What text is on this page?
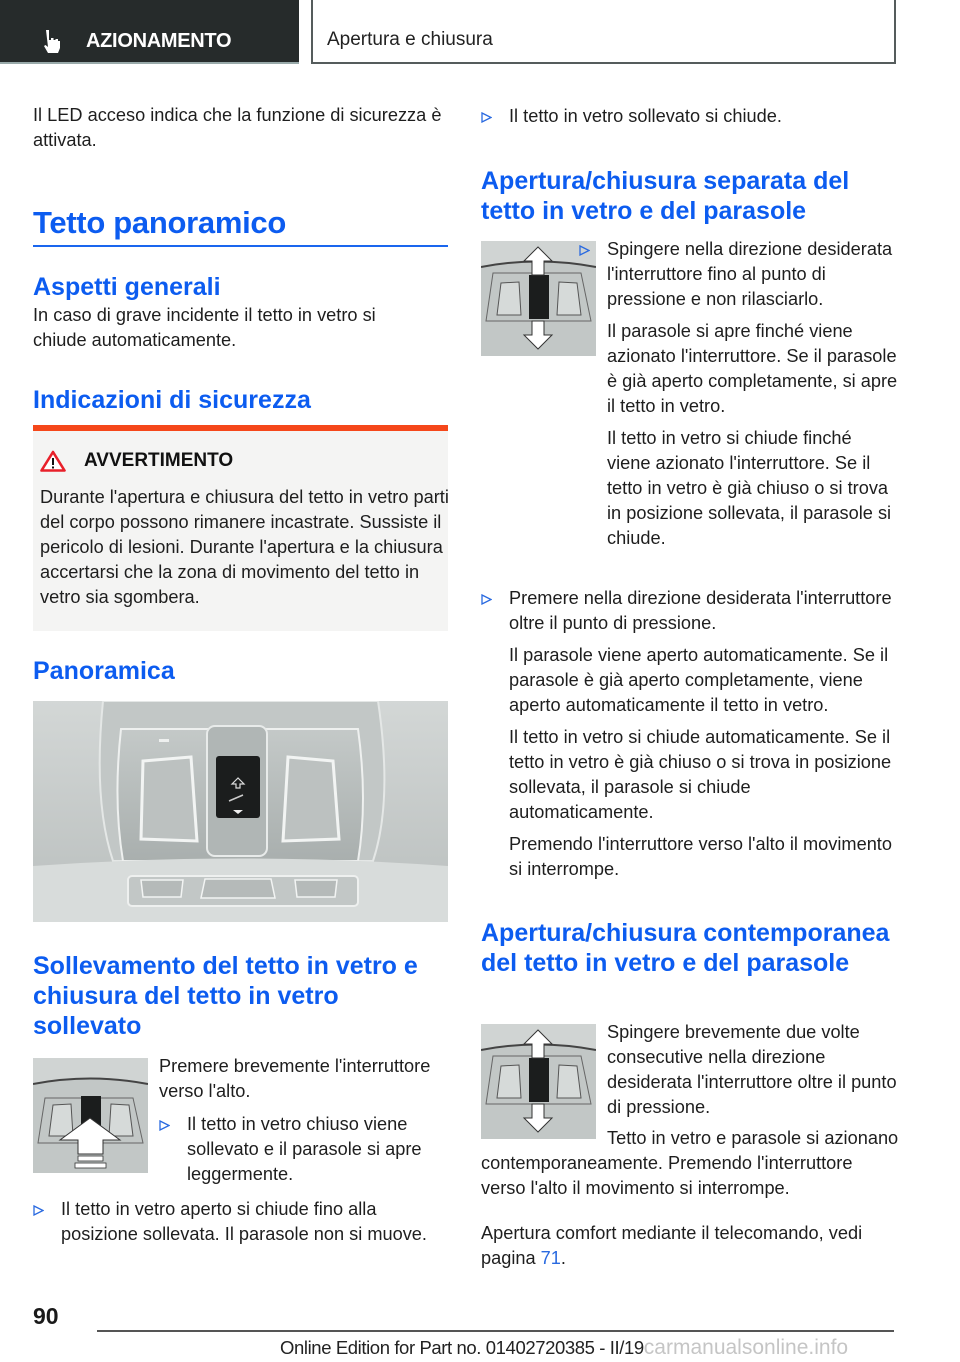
AZIONAMENTO	Apertura e chiusura

Il LED acceso indica che la funzione di sicurezza è attivata.

Tetto panoramico
Aspetti generali

In caso di grave incidente il tetto in vetro si chiude automaticamente.

Indicazioni di sicurezza
AVVERTIMENTO

Durante l'apertura e chiusura del tetto in vetro parti del corpo possono rimanere incastrate. Sussiste il pericolo di lesioni. Durante l'apertura e la chiusura accertarsi che la zona di movimento del tetto in vetro sia sgombera.

Panoramica
Sollevamento del tetto in vetro e chiusura del tetto in vetro sollevato

Premere brevemente l'interruttore verso l'alto.

Il tetto in vetro chiuso viene sollevato e il parasole si apre leggermente.
Il tetto in vetro aperto si chiude fino alla posizione sollevata. Il parasole non si muove.
Il tetto in vetro sollevato si chiude.
Apertura/chiusura separata del tetto in vetro e del parasole
Spingere nella direzione desiderata l'interruttore fino al punto di pressione e non rilasciarlo.

Il parasole si apre finché viene azionato l'interruttore. Se il parasole è già aperto completamente, si apre il tetto in vetro.

Il tetto in vetro si chiude finché viene azionato l'interruttore. Se il tetto in vetro è già chiuso o si trova in posizione sollevata, il parasole si chiude.

Premere nella direzione desiderata l'interruttore oltre il punto di pressione.

Il parasole viene aperto automaticamente. Se il parasole è già aperto completamente, viene aperto automaticamente il tetto in vetro.

Il tetto in vetro si chiude automaticamente. Se il tetto in vetro è già chiuso o si trova in posizione sollevata, il parasole si chiude automaticamente.

Premendo l'interruttore verso l'alto il movimento si interrompe.

Apertura/chiusura contemporanea del tetto in vetro e del parasole

Spingere brevemente due volte consecutive nella direzione desiderata l'interruttore oltre il punto di pressione.

Tetto in vetro e parasole si azionano contemporaneamente. Premendo l'interruttore verso l'alto il movimento si interrompe.

Apertura comfort mediante il telecomando, vedi pagina 71.
90
Online Edition for Part no. 01402720385 - II/19carmanualsonline.info
